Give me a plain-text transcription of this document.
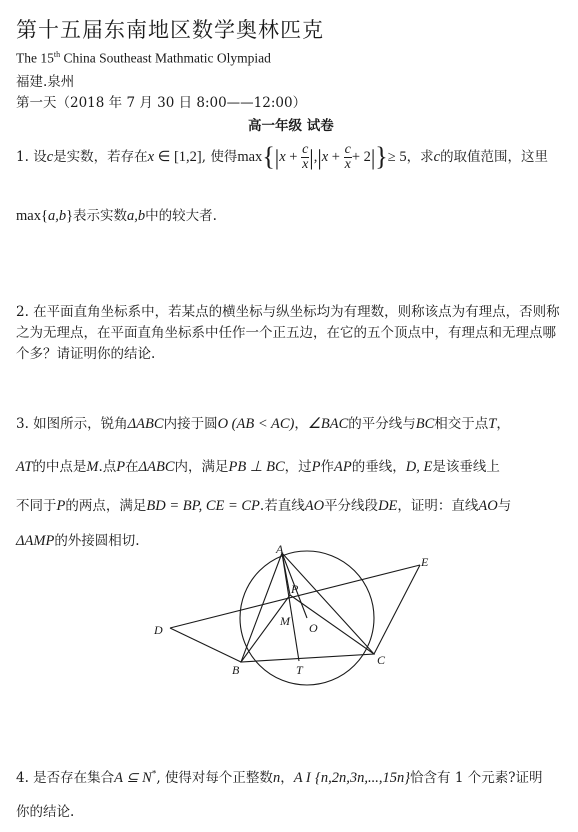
第十五届东南地区数学奥林匹克
The 15th China Southeast Mathmatic Olympiad
福建.泉州
第一天（2018 年 7 月 30 日 8:00——12:00）
高一年级 试卷
1. 设c是实数，若存在x ∈ [1,2], 使得$\max\{|x + \frac{c}{x} |,|x + \frac{c}{x} + 2|\}\ge 5$，求c的取值范围，这里
max{a,b}表示实数a,b中的较大者.
2. 在平面直角坐标系中，若某点的横坐标与纵坐标均为有理数，则称该点为有理点，否则称
之为无理点，在平面直角坐标系中任作一个正五边，在它的五个顶点中，有理点和无理点哪
个多？请证明你的结论.
3. 如图所示，锐角ΔABC内接于圆O (AB < AC)，∠BAC的平分线与BC相交于点T，
AT的中点是M.点P在ΔABC内，满足PB ⊥ BC，过P作AP的垂线，D, E是该垂线上
不同于P的两点，满足BD = BP, CE = CP.若直线AO平分线段DE，证明：直线AO与
ΔAMP的外接圆相切.	A
B
C
D
E
P
M O
T
4. 是否存在集合A ⊆ N*, 使得对每个正整数n，A I {n,2n,3n,...,15n}恰含有 1 个元素?证明
你的结论.
